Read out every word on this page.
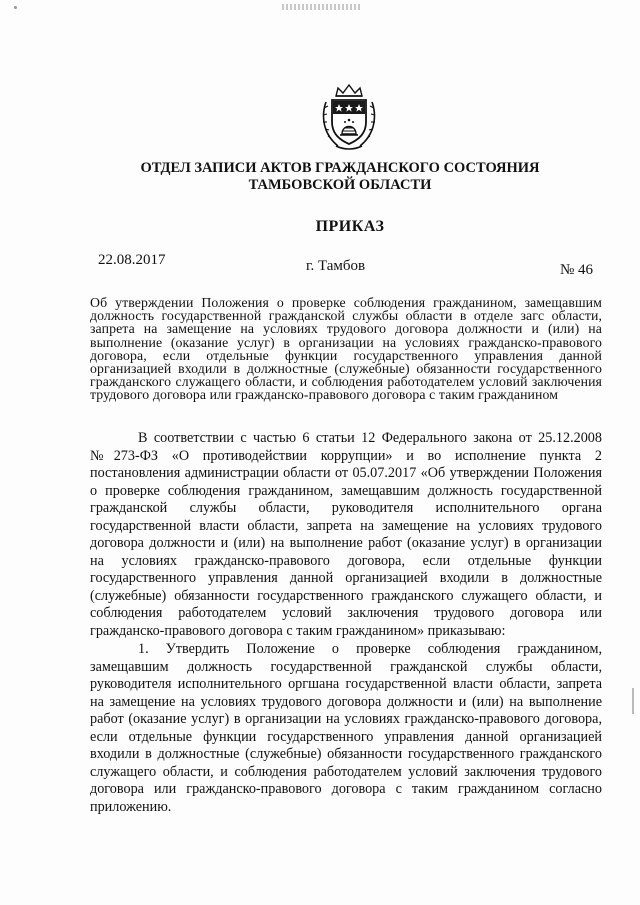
ОТДЕЛ ЗАПИСИ АКТОВ ГРАЖДАНСКОГО СОСТОЯНИЯ ТАМБОВСКОЙ ОБЛАСТИ
ПРИКАЗ
22.08.2017	г. Тамбов	№ 46
Об утверждении Положения о проверке соблюдения гражданином, замещавшим должность государственной гражданской службы области в отделе загс области, запрета на замещение на условиях трудового договора должности и (или) на выполнение (оказание услуг) в организации на условиях гражданско-правового договора, если отдельные функции государственного управления данной организацией входили в должностные (служебные) обязанности государственного гражданского служащего области, и соблюдения работодателем условий заключения трудового договора или гражданско-правового договора с таким гражданином

В соответствии с частью 6 статьи 12 Федерального закона от 25.12.2008 №273-ФЗ «О противодействии коррупции» и во исполнение пункта 2 постановления администрации области от 05.07.2017 «Об утверждении Положения о проверке соблюдения гражданином, замещавшим должность государственной гражданской службы области, руководителя исполнительного органа государственной власти области, запрета на замещение на условиях трудового договора должности и (или) на выполнение работ (оказание услуг) в организации на условиях гражданско-правового договора, если отдельные функции государственного управления данной организацией входили в должностные (служебные) обязанности государственного гражданского служащего области, и соблюдения работодателем условий заключения трудового договора или гражданско-правового договора с таким гражданином» приказываю:

1. Утвердить Положение о проверке соблюдения гражданином, замещавшим должность государственной гражданской службы области, руководителя исполнительного оргшана государственной власти области, запрета на замещение на условиях трудового договора должности и (или) на выполнение работ (оказание услуг) в организации на условиях гражданско-правового договора, если отдельные функции государственного управления данной организацией входили в должностные (служебные) обязанности государственного гражданского служащего области, и соблюдения работодателем условий заключения трудового договора или гражданско-правового договора с таким гражданином согласно приложению.
